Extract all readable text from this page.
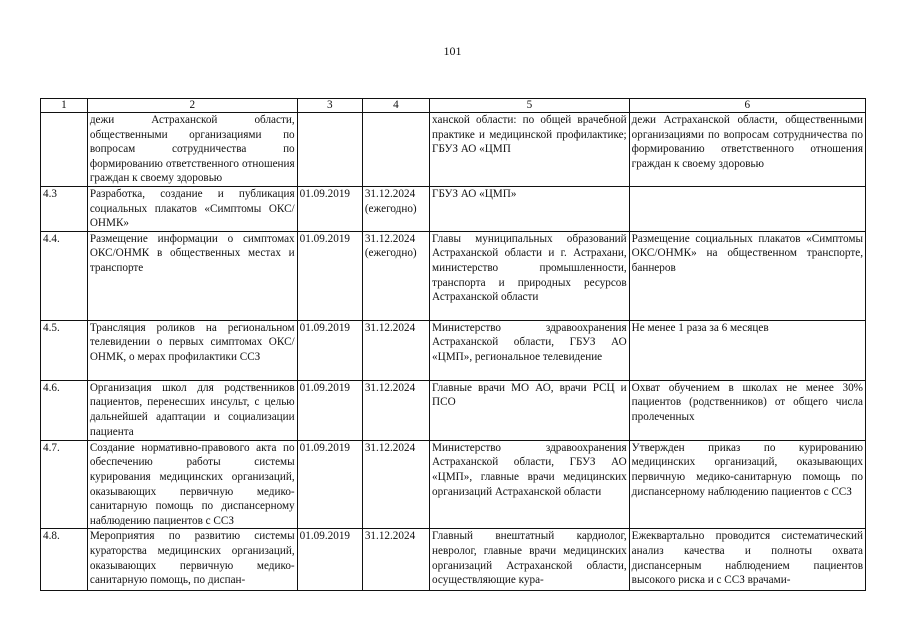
101
1	2	3	4	5	6
	дежи Астраханской области, общественными организациями по вопросам сотрудничества по формированию ответственного отношения граждан к своему здоровью			ханской области: по общей врачебной практике и медицинской профилактике; ГБУЗ АО «ЦМП	дежи Астраханской области, общественными организациями по вопросам сотрудничества по формированию ответственного отношения граждан к своему здоровью
4.3	Разработка, создание и публикация социальных плакатов «Симптомы ОКС/ОНМК»	01.09.2019	31.12.2024 (ежегодно)	ГБУЗ АО «ЦМП»	
4.4.	Размещение информации о симптомах ОКС/ОНМК в общественных местах и транспорте	01.09.2019	31.12.2024 (ежегодно)	Главы муниципальных образований Астраханской области и г. Астрахани, министерство промышленности, транспорта и природных ресурсов Астраханской области	Размещение социальных плакатов «Симптомы ОКС/ОНМК» на общественном транспорте, баннеров
4.5.	Трансляция роликов на региональном телевидении о первых симптомах ОКС/ОНМК, о мерах профилактики ССЗ	01.09.2019	31.12.2024	Министерство здравоохранения Астраханской области, ГБУЗ АО «ЦМП», региональное телевидение	Не менее 1 раза за 6 месяцев
4.6.	Организация школ для родственников пациентов, перенесших инсульт, с целью дальнейшей адаптации и социализации пациента	01.09.2019	31.12.2024	Главные врачи МО АО, врачи РСЦ и ПСО	Охват обучением в школах не менее 30% пациентов (родственников) от общего числа пролеченных
4.7.	Создание нормативно-правового акта по обеспечению работы системы курирования медицинских организаций, оказывающих первичную медико-санитарную помощь по диспансерному наблюдению пациентов с ССЗ	01.09.2019	31.12.2024	Министерство здравоохранения Астраханской области, ГБУЗ АО «ЦМП», главные врачи медицинских организаций Астраханской области	Утвержден приказ по курированию медицинских организаций, оказывающих первичную медико-санитарную помощь по диспансерному наблюдению пациентов с ССЗ
4.8.	Мероприятия по развитию системы кураторства медицинских организаций, оказывающих первичную медико-санитарную помощь, по диспан-	01.09.2019	31.12.2024	Главный внештатный кардиолог, невролог, главные врачи медицинских организаций Астраханской области, осуществляющие кура-	Ежеквартально проводится систематический анализ качества и полноты охвата диспансерным наблюдением пациентов высокого риска и с ССЗ врачами-
